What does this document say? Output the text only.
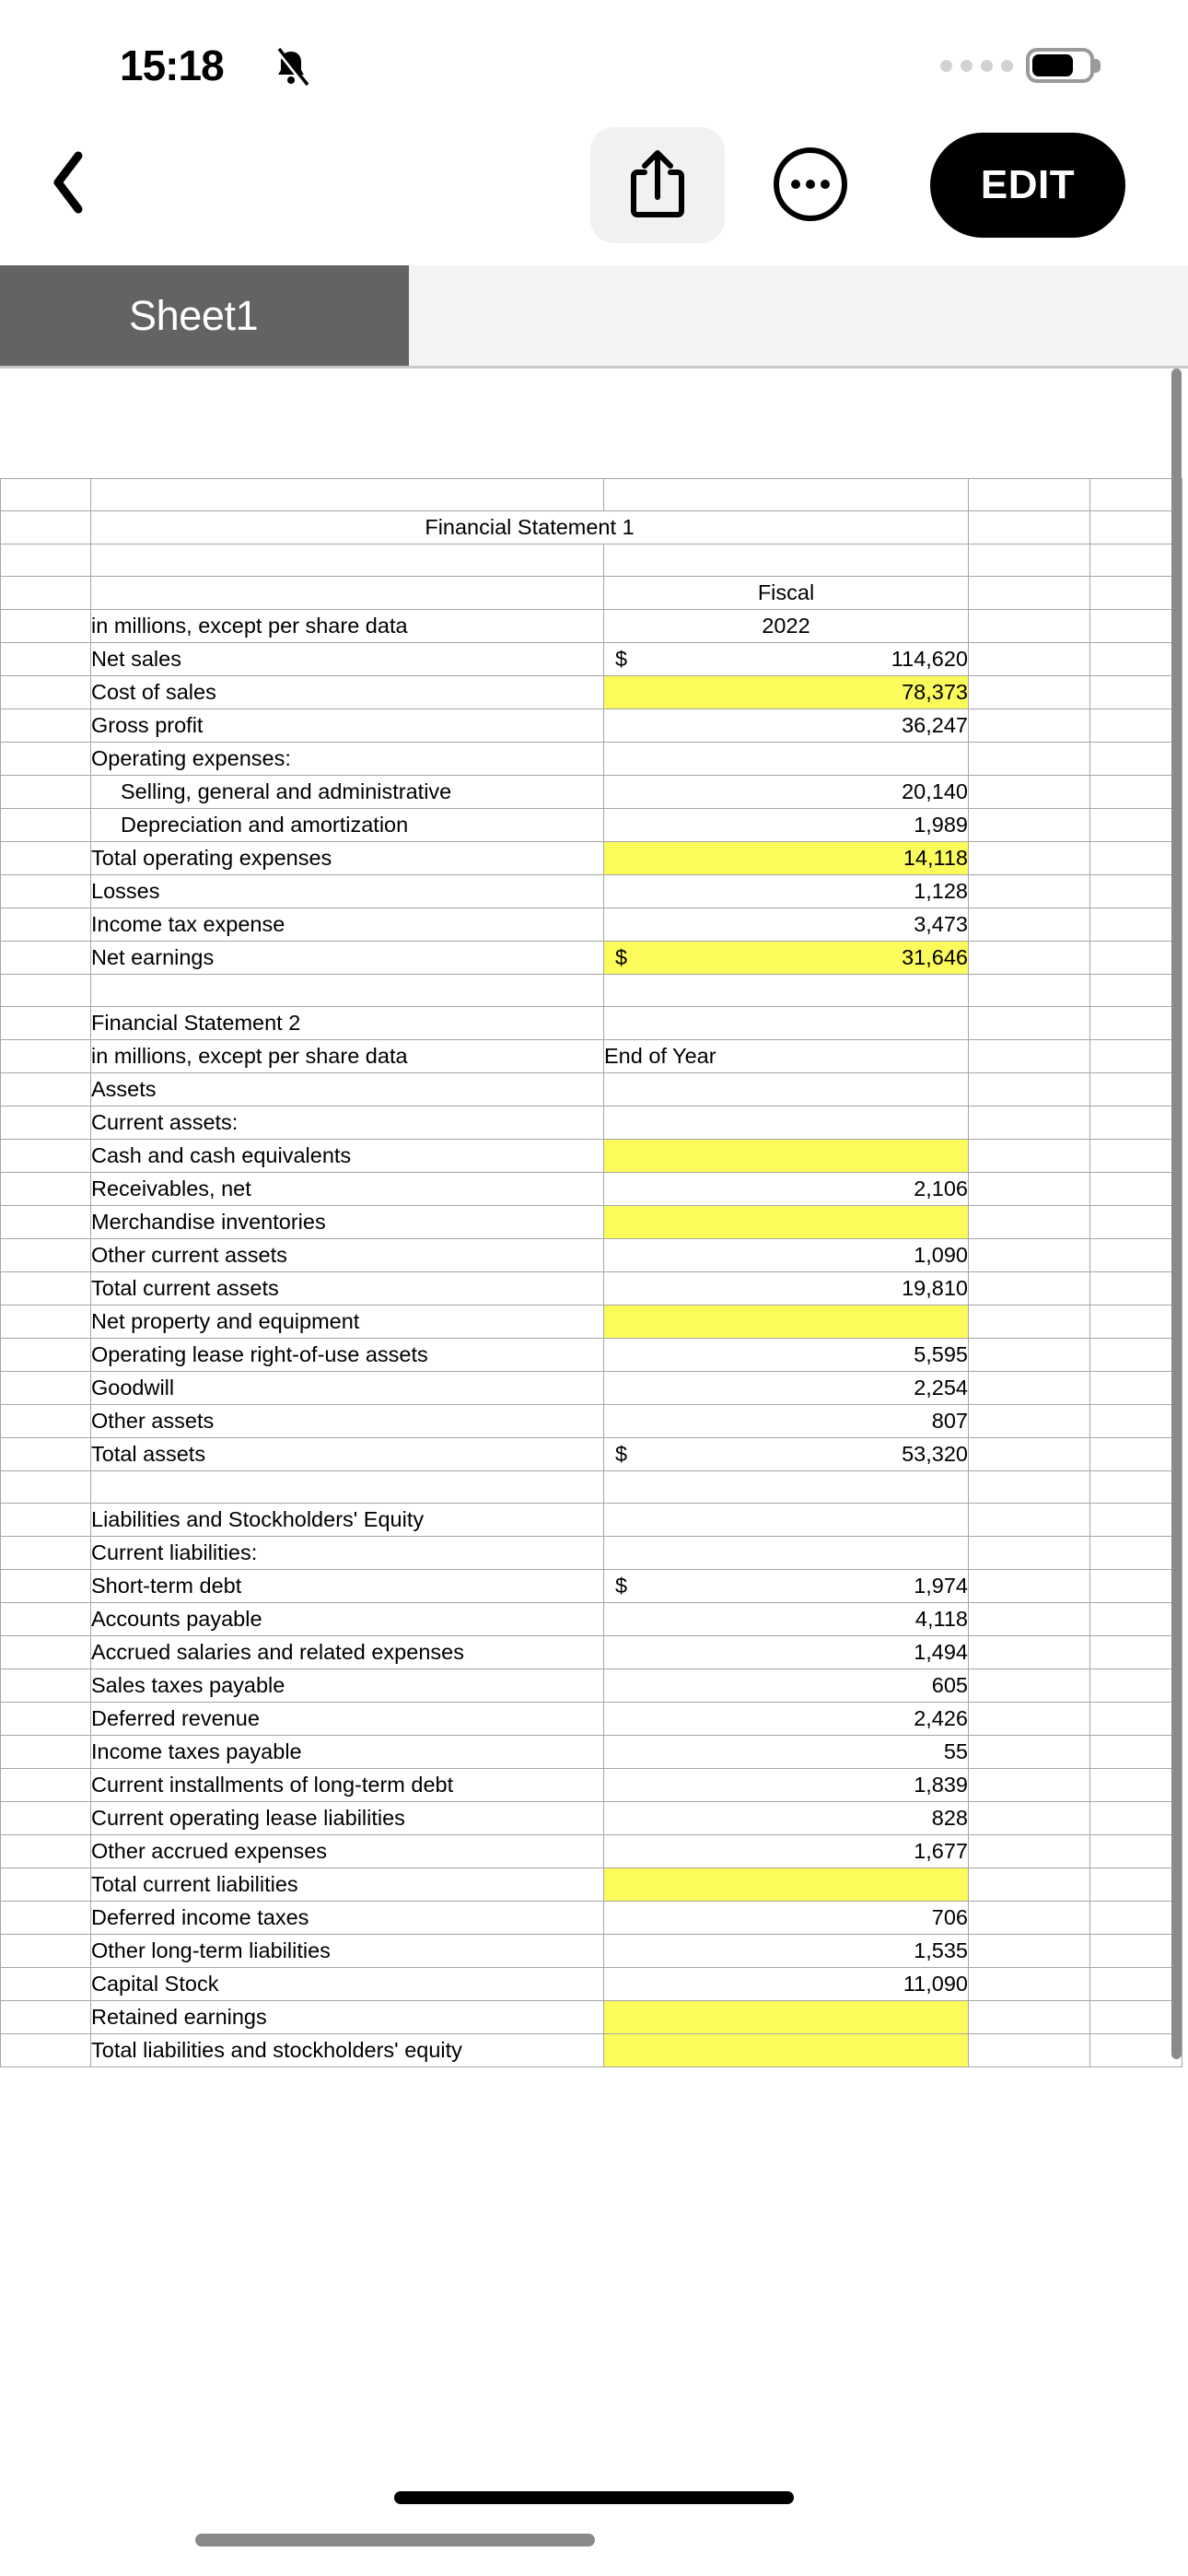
15:18
EDIT
Sheet1

	Financial Statement 1			

		Fiscal		
	in millions, except per share data	2022		
	Net sales	$ 114,620		
	Cost of sales	78,373		
	Gross profit	36,247		
	Operating expenses:			
	Selling, general and administrative	20,140		
	Depreciation and amortization	1,989		
	Total operating expenses	14,118		
	Losses	1,128		
	Income tax expense	3,473		
	Net earnings	$ 31,646		

	Financial Statement 2			
	in millions, except per share data	End of Year		
	Assets			
	Current assets:			
	Cash and cash equivalents			
	Receivables, net	2,106		
	Merchandise inventories			
	Other current assets	1,090		
	Total current assets	19,810		
	Net property and equipment			
	Operating lease right-of-use assets	5,595		
	Goodwill	2,254		
	Other assets	807		
	Total assets	$ 53,320		

	Liabilities and Stockholders' Equity			
	Current liabilities:			
	Short-term debt	$ 1,974		
	Accounts payable	4,118		
	Accrued salaries and related expenses	1,494		
	Sales taxes payable	605		
	Deferred revenue	2,426		
	Income taxes payable	55		
	Current installments of long-term debt	1,839		
	Current operating lease liabilities	828		
	Other accrued expenses	1,677		
	Total current liabilities			
	Deferred income taxes	706		
	Other long-term liabilities	1,535		
	Capital Stock	11,090		
	Retained earnings			
	Total liabilities and stockholders' equity			
